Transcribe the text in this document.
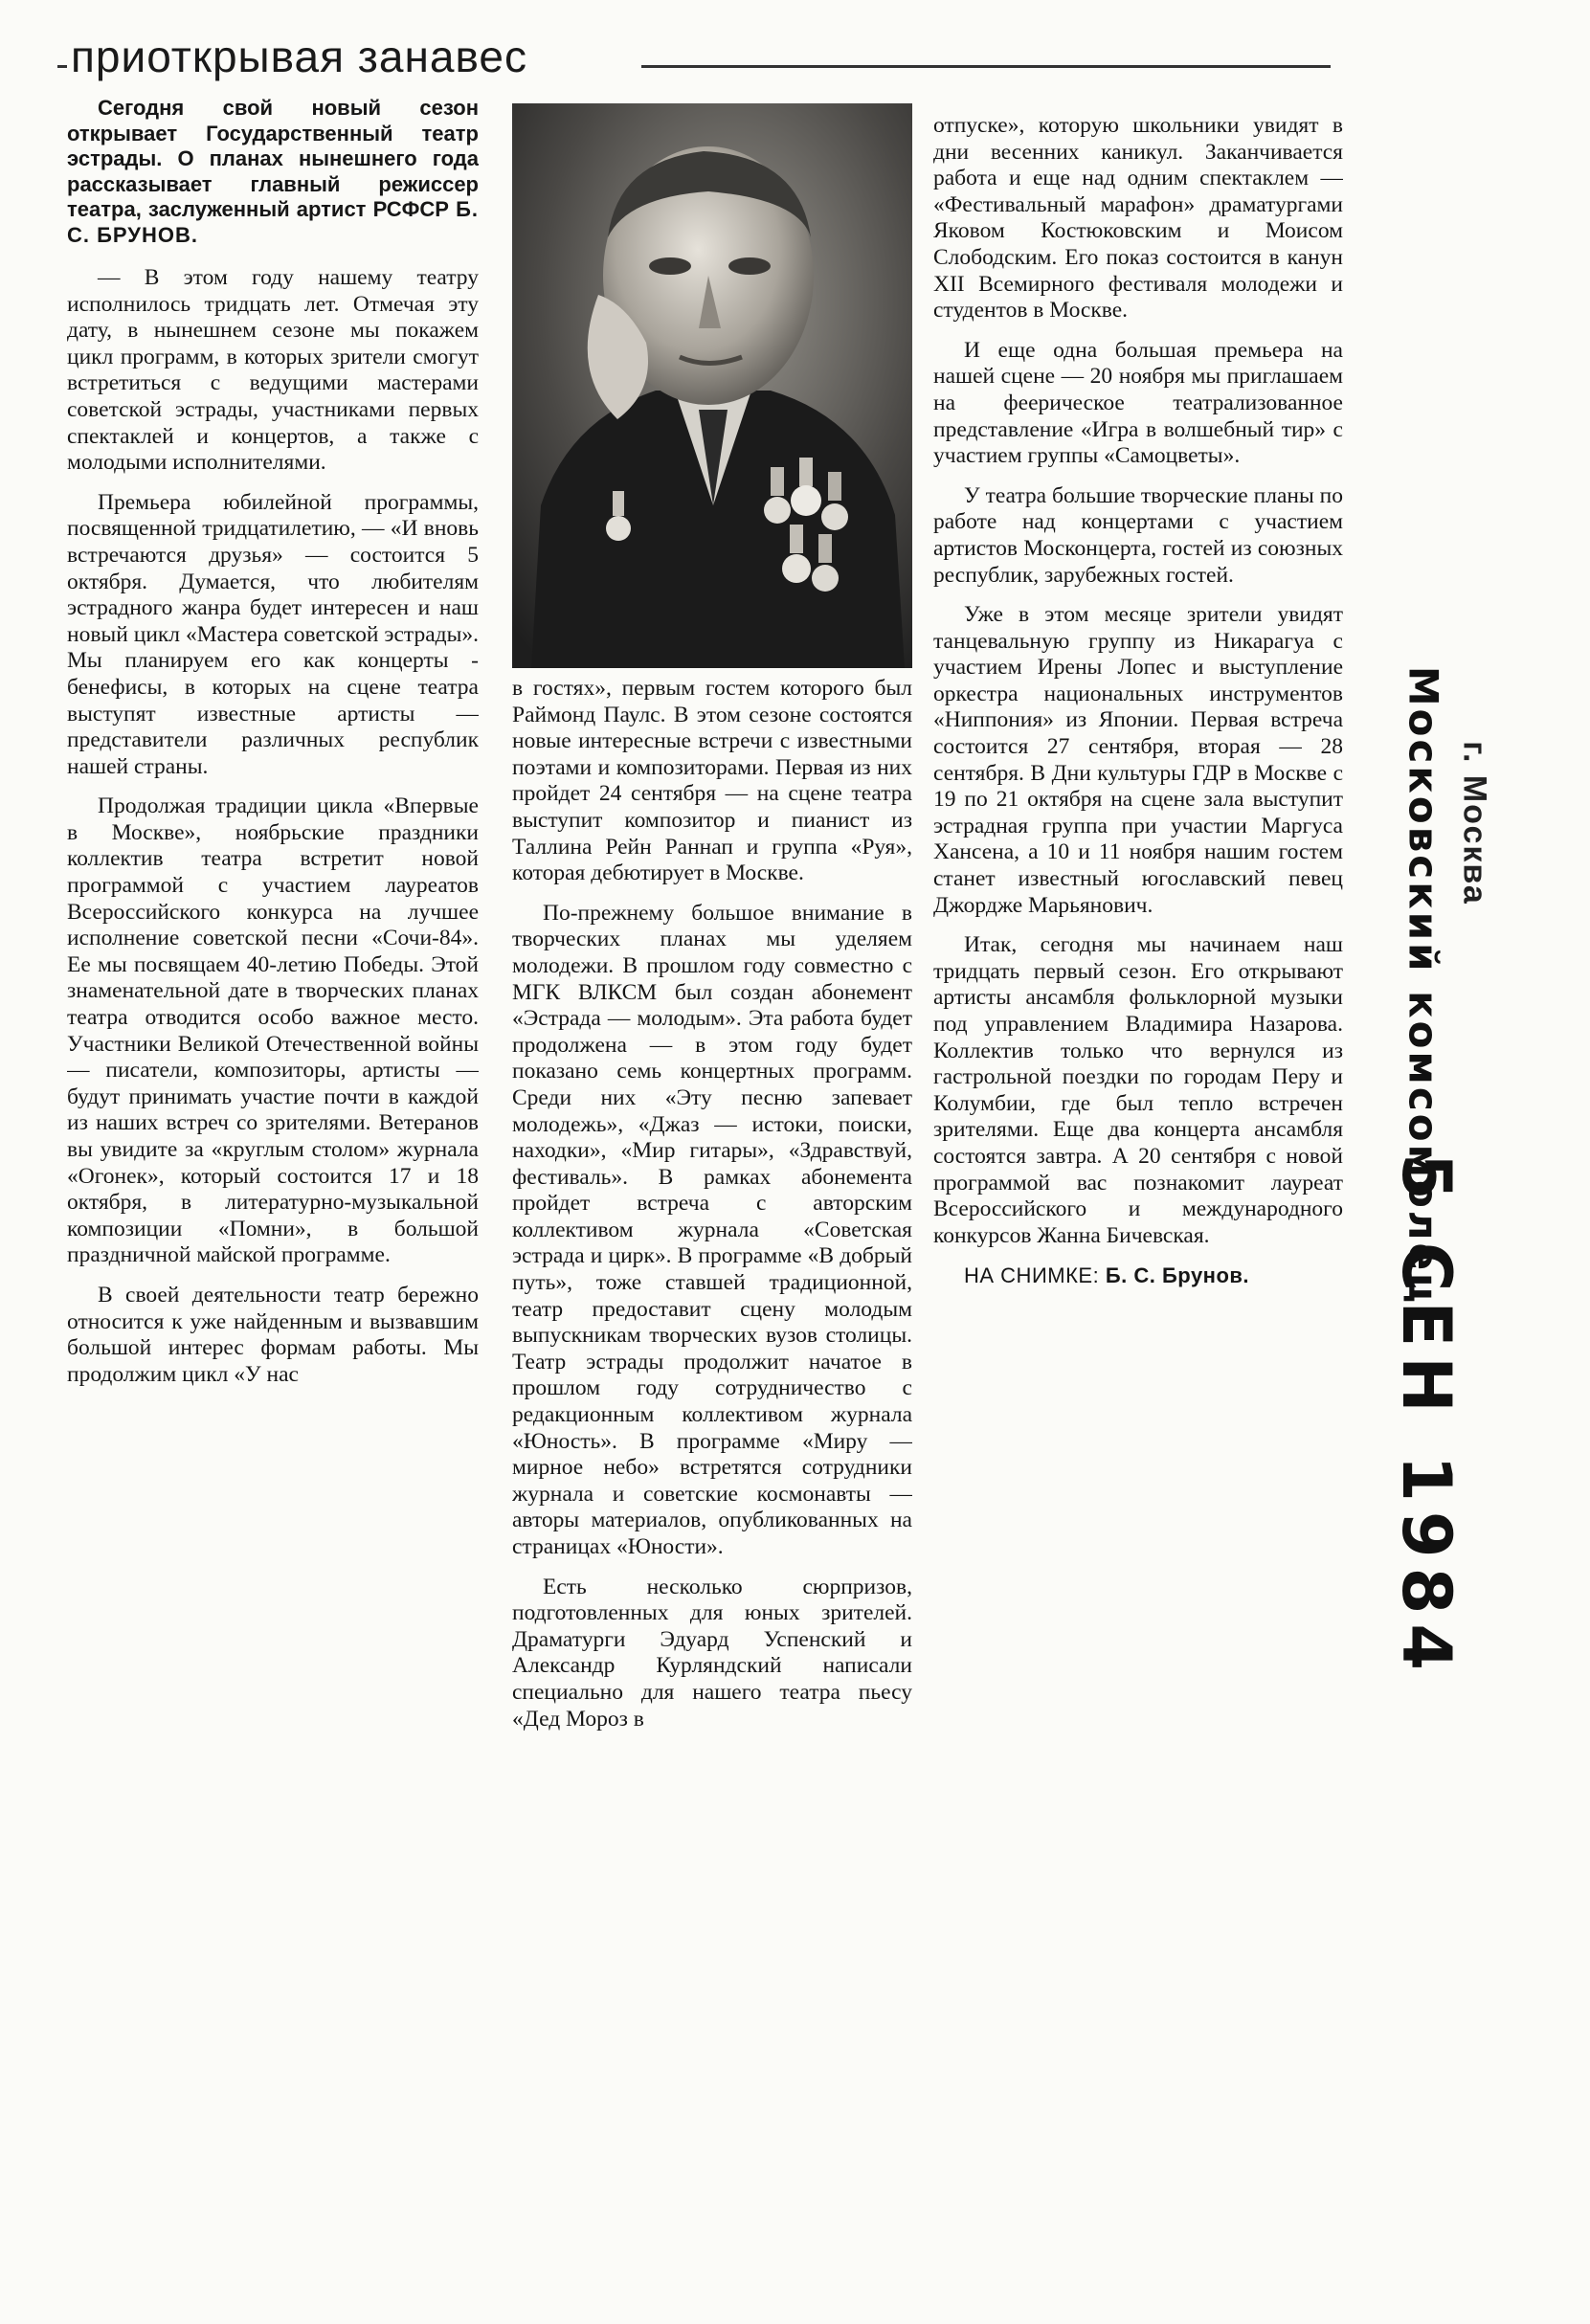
приоткрывая занавес

Сегодня свой новый сезон открывает Государственный театр эстрады. О планах нынешнего года рассказывает главный режиссер театра, заслуженный артист РСФСР Б. С. БРУНОВ.

— В этом году нашему театру исполнилось тридцать лет. Отмечая эту дату, в нынешнем сезоне мы покажем цикл программ, в которых зрители смогут встретиться с ведущими мастерами советской эстрады, участниками первых спектаклей и концертов, а также с молодыми исполнителями.

Премьера юбилейной программы, посвященной тридцатилетию, — «И вновь встречаются друзья» — состоится 5 октября. Думается, что любителям эстрадного жанра будет интересен и наш новый цикл «Мастера советской эстрады». Мы планируем его как концерты - бенефисы, в которых на сцене театра выступят известные артисты — представители различных республик нашей страны.

Продолжая традиции цикла «Впервые в Москве», ноябрьские праздники коллектив театра встретит новой программой с участием лауреатов Всероссийского конкурса на лучшее исполнение советской песни «Сочи-84». Ее мы посвящаем 40-летию Победы. Этой знаменательной дате в творческих планах театра отводится особо важное место. Участники Великой Отечественной войны — писатели, композиторы, артисты — будут принимать участие почти в каждой из наших встреч со зрителями. Ветеранов вы увидите за «круглым столом» журнала «Огонек», который состоится 17 и 18 октября, в литературно-музыкальной композиции «Помни», в большой праздничной майской программе.

В своей деятельности театр бережно относится к уже найденным и вызвавшим большой интерес формам работы. Мы продолжим цикл «У нас

в гостях», первым гостем которого был Раймонд Паулс. В этом сезоне состоятся новые интересные встречи с известными поэтами и композиторами. Первая из них пройдет 24 сентября — на сцене театра выступит композитор и пианист из Таллина Рейн Раннап и группа «Руя», которая дебютирует в Москве.

По-прежнему большое внимание в творческих планах мы уделяем молодежи. В прошлом году совместно с МГК ВЛКСМ был создан абонемент «Эстрада — молодым». Эта работа будет продолжена — в этом году будет показано семь концертных программ. Среди них «Эту песню запевает молодежь», «Джаз — истоки, поиски, находки», «Мир гитары», «Здравствуй, фестиваль». В рамках абонемента пройдет встреча с авторским коллективом журнала «Советская эстрада и цирк». В программе «В добрый путь», тоже ставшей традиционной, театр предоставит сцену молодым выпускникам творческих вузов столицы. Театр эстрады продолжит начатое в прошлом году сотрудничество с редакционным коллективом журнала «Юность». В программе «Миру — мирное небо» встретятся сотрудники журнала и советские космонавты — авторы материалов, опубликованных на страницах «Юности».

Есть несколько сюрпризов, подготовленных для юных зрителей. Драматурги Эдуард Успенский и Александр Курляндский написали специально для нашего театра пьесу «Дед Мороз в

отпуске», которую школьники увидят в дни весенних каникул. Заканчивается работа и еще над одним спектаклем — «Фестивальный марафон» драматургами Яковом Костюковским и Моисом Слободским. Его показ состоится в канун XII Всемирного фестиваля молодежи и студентов в Москве.

И еще одна большая премьера на нашей сцене — 20 ноября мы приглашаем на феерическое театрализованное представление «Игра в волшебный тир» с участием группы «Самоцветы».

У театра большие творческие планы по работе над концертами с участием артистов Москонцерта, гостей из союзных республик, зарубежных гостей.

Уже в этом месяце зрители увидят танцевальную группу из Никарагуа с участием Ирены Лопес и выступление оркестра национальных инструментов «Ниппония» из Японии. Первая встреча состоится 27 сентября, вторая — 28 сентября. В Дни культуры ГДР в Москве с 19 по 21 октября на сцене зала выступит эстрадная группа при участии Маргуса Хансена, а 10 и 11 ноября нашим гостем станет известный югославский певец Джордже Марьянович.

Итак, сегодня мы начинаем наш тридцать первый сезон. Его открывают артисты ансамбля фольклорной музыки под управлением Владимира Назарова. Коллектив только что вернулся из гастрольной поездки по городам Перу и Колумбии, где был тепло встречен зрителями. Еще два концерта ансамбля состоятся завтра. А 20 сентября с новой программой вас познакомит лауреат Всероссийского и международного конкурсов Жанна Бичевская.

НА СНИМКЕ: Б. С. Брунов.	Московский комсомолец г. Москва
5 СЕН 1984
